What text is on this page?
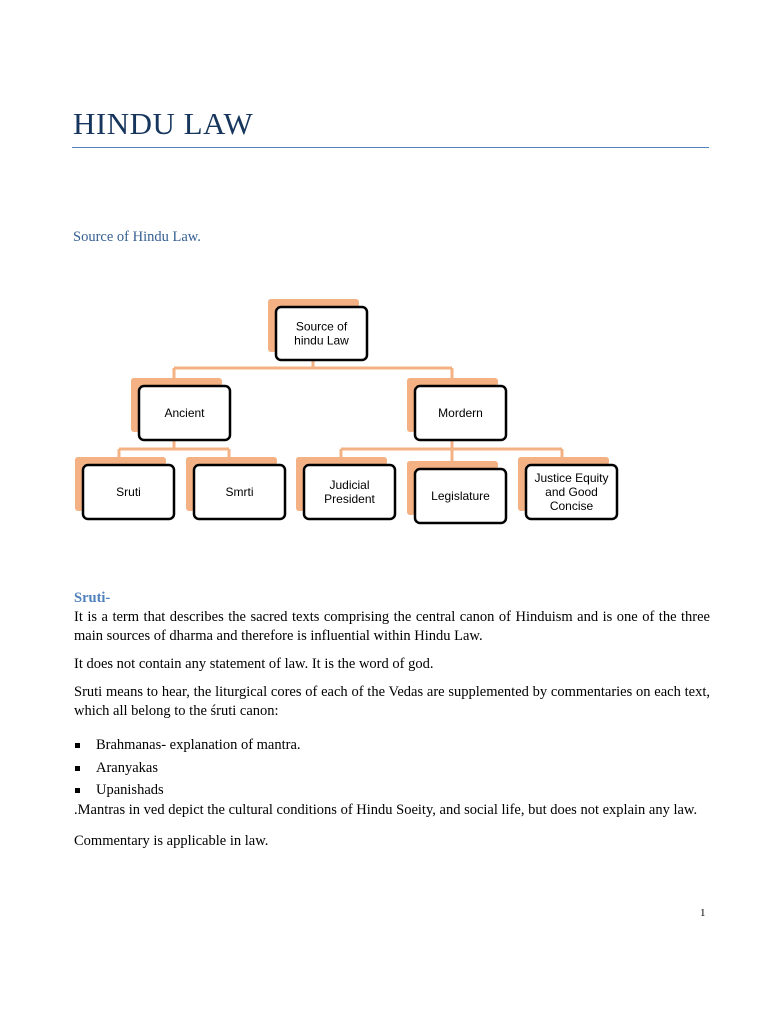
HINDU LAW
Source of Hindu Law.
Source of
hindu Law
Ancient	Mordern
Sruti	Smrti	Judicial
President	Legislature
Justice Equity
and Good
Concise
Sruti-

It is a term that describes the sacred texts comprising the central canon of Hinduism and is one of the three main sources of dharma and therefore is influential within Hindu Law.

It does not contain any statement of law. It is the word of god.

Sruti means to hear, the liturgical cores of each of the Vedas are supplemented by commentaries on each text, which all belong to the śruti canon:

Brahmanas- explanation of mantra.
Aranyakas
Upanishads

.Mantras in ved depict the cultural conditions of Hindu Soeity, and social life, but does not explain any law.

Commentary is applicable in law.

1
